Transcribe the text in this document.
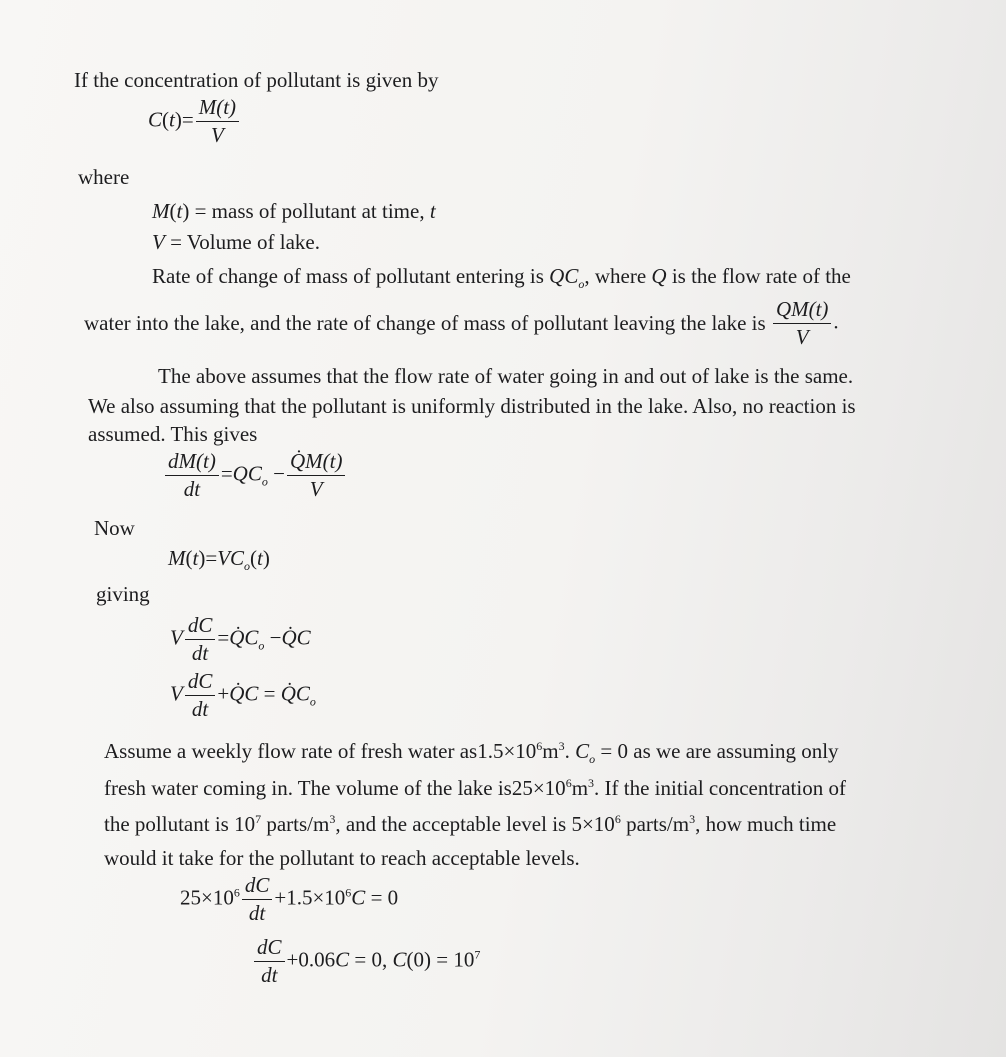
If the concentration of pollutant is given by
$C(t)= \frac{M(t)}{V}$
where
M(t) = mass of pollutant at time, t
V = Volume of lake.
Rate of change of mass of pollutant entering is $QC_o$, where Q is the flow rate of the
water into the lake, and the rate of change of mass of pollutant leaving the lake is $\frac{QM(t)}{V}$ .
The above assumes that the flow rate of water going in and out of lake is the same.
We also assuming that the pollutant is uniformly distributed in the lake. Also, no reaction is
assumed. This gives
$\frac{dM(t)}{dt} =QC_o - \frac{Q̇M(t)}{V}$
Now
$M(t)=VC_o(t)$
giving
V $\frac{dC}{dt}$ $=Q̇C_o$ −Q̇C
V $\frac{dC}{dt}$ +Q̇C = $Q̇C_o$
Assume a weekly flow rate of fresh water $as1.5\times 10^6m^3$. $C_o = 0$ as we are assuming only
fresh water coming in. The volume of the lake $is25\times 10^6m^3$. If the initial concentration of
the pollutant is $10^7$ parts/$m^3$, and the acceptable level is $5\times 10^6$ parts/$m^3$, how much time
would it take for the pollutant to reach acceptable levels.
$25\times 10^6 \frac{dC}{dt} +1.5\times 10^6C = 0$
$\frac{dC}{dt} +0.06C = 0$, $C(0) = 10^7$
